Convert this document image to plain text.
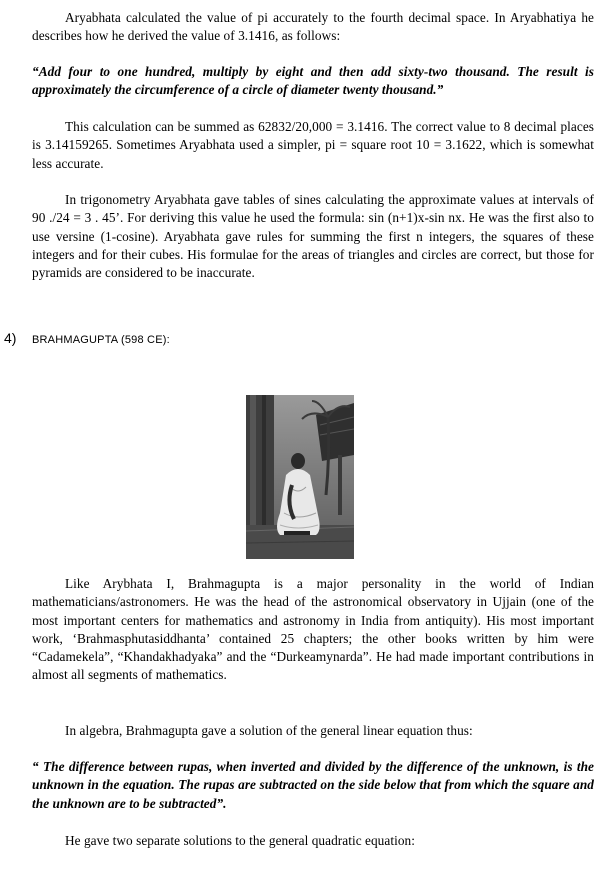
Aryabhata calculated the value of pi accurately to the fourth decimal space. In Aryabhatiya he describes how he derived the value of 3.1416, as follows:

“Add four to one hundred, multiply by eight and then add sixty-two thousand. The result is approximately the circumference of a circle of diameter twenty thousand.”

This calculation can be summed as 62832/20,000 = 3.1416. The correct value to 8 decimal places is 3.14159265. Sometimes Aryabhata used a simpler, pi = square root 10 = 3.1622, which is somewhat less accurate.

In trigonometry Aryabhata gave tables of sines calculating the approximate values at intervals of 90 ./24 = 3 . 45’. For deriving this value he used the formula: sin (n+1)x-sin nx. He was the first also to use versine (1-cosine). Aryabhata gave rules for summing the first n integers, the squares of these integers and for their cubes. His formulae for the areas of triangles and circles are correct, but those for pyramids are considered to be inaccurate.

4) BRAHMAGUPTA (598 CE):

Like Arybhata I, Brahmagupta is a major personality in the world of Indian mathematicians/astronomers. He was the head of the astronomical observatory in Ujjain (one of the most important centers for mathematics and astronomy in India from antiquity). His most important work, ‘Brahmasphutasiddhanta’ contained 25 chapters; the other books written by him were “Cadamekela”, “Khandakhadyaka” and the “Durkeamynarda”. He had made important contributions in almost all segments of mathematics.

In algebra, Brahmagupta gave a solution of the general linear equation thus:

“ The difference between rupas, when inverted and divided by the difference of the unknown, is the unknown in the equation. The rupas are subtracted on the side below that from which the square and the unknown are to be subtracted”.

He gave two separate solutions to the general quadratic equation:
